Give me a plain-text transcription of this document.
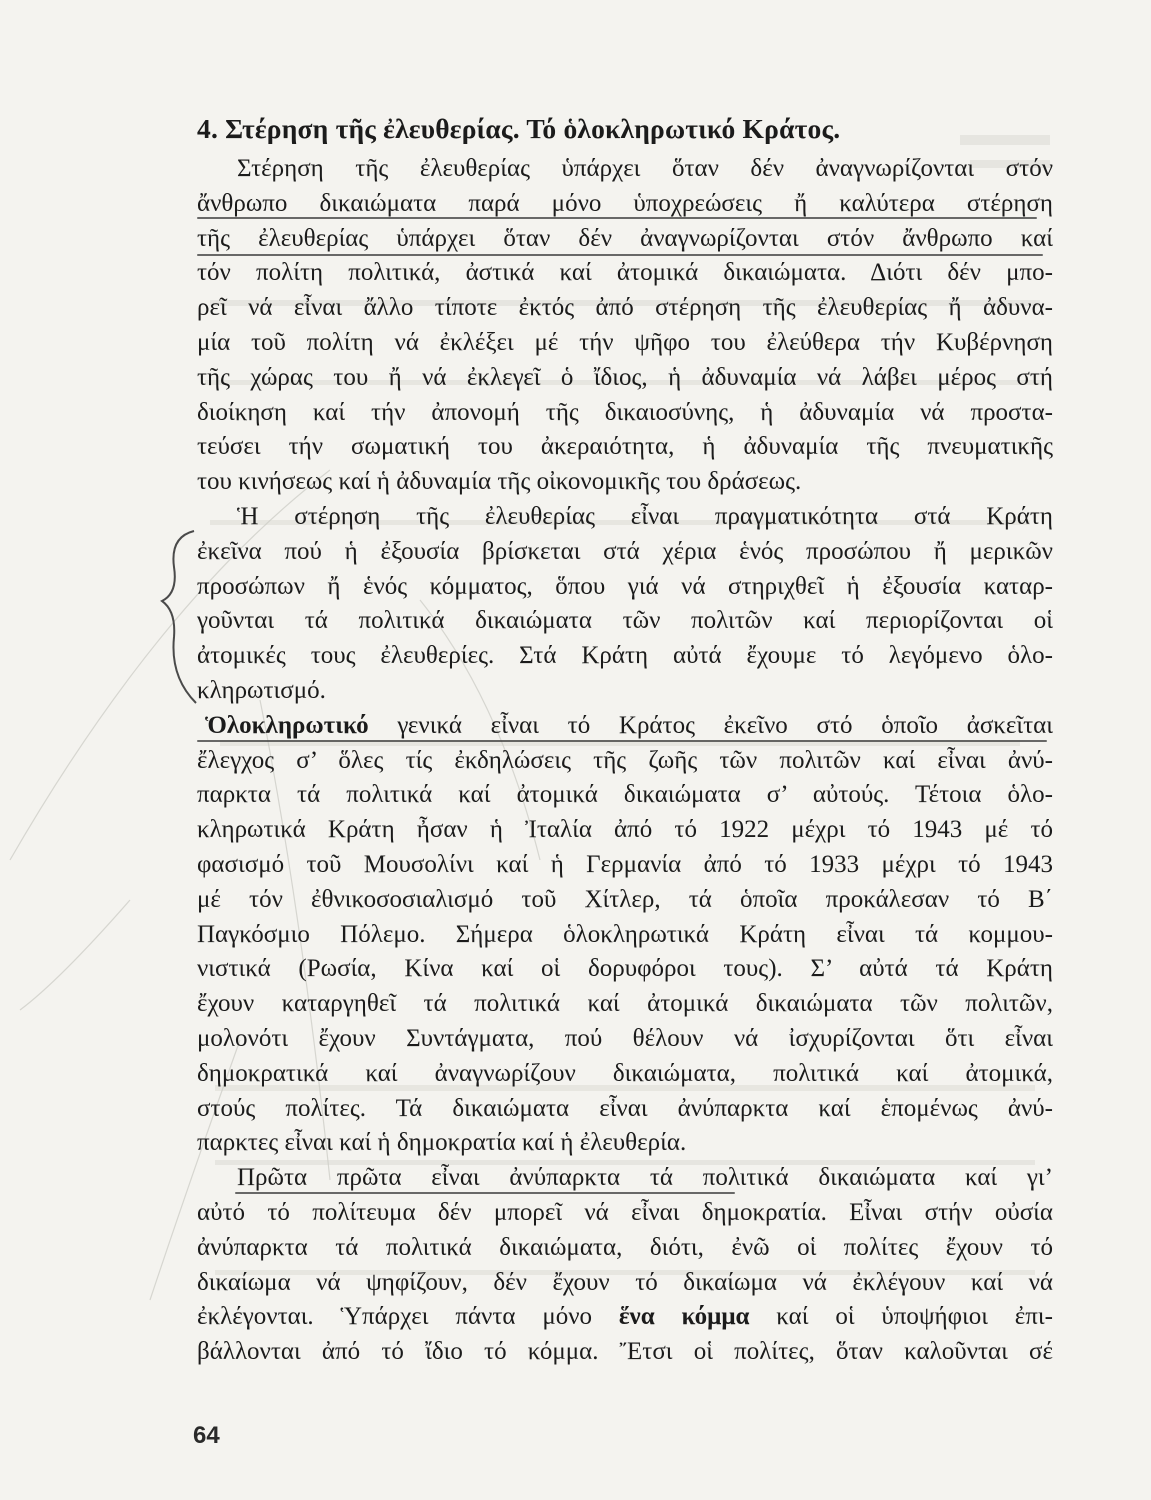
4. Στέρηση τῆς ἐλευθερίας. Τό ὁλοκληρωτικό Κράτος.
Στέρηση τῆς ἐλευθερίας ὑπάρχει ὅταν δέν ἀναγνωρίζονται στόν
ἄνθρωπο δικαιώματα παρά μόνο ὑποχρεώσεις ἤ καλύτερα στέρηση
τῆς ἐλευθερίας ὑπάρχει ὅταν δέν ἀναγνωρίζονται στόν ἄνθρωπο καί
τόν πολίτη πολιτικά, ἀστικά καί ἀτομικά δικαιώματα. Διότι δέν μπο-
ρεῖ νά εἶναι ἄλλο τίποτε ἐκτός ἀπό στέρηση τῆς ἐλευθερίας ἤ ἀδυνα-
μία τοῦ πολίτη νά ἐκλέξει μέ τήν ψῆφο του ἐλεύθερα τήν Κυβέρνηση
τῆς χώρας του ἤ νά ἐκλεγεῖ ὁ ἴδιος, ἡ ἀδυναμία νά λάβει μέρος στή
διοίκηση καί τήν ἀπονομή τῆς δικαιοσύνης, ἡ ἀδυναμία νά προστα-
τεύσει τήν σωματική του ἀκεραιότητα, ἡ ἀδυναμία τῆς πνευματικῆς
του κινήσεως καί ἡ ἀδυναμία τῆς οἰκονομικῆς του δράσεως.
Ἡ στέρηση τῆς ἐλευθερίας εἶναι πραγματικότητα στά Κράτη
ἐκεῖνα πού ἡ ἐξουσία βρίσκεται στά χέρια ἑνός προσώπου ἤ μερικῶν
προσώπων ἤ ἑνός κόμματος, ὅπου γιά νά στηριχθεῖ ἡ ἐξουσία καταρ-
γοῦνται τά πολιτικά δικαιώματα τῶν πολιτῶν καί περιορίζονται οἱ
ἀτομικές τους ἐλευθερίες. Στά Κράτη αὐτά ἔχουμε τό λεγόμενο ὁλο-
κληρωτισμό.
Ὁλοκληρωτικό γενικά εἶναι τό Κράτος ἐκεῖνο στό ὁποῖο ἀσκεῖται
ἔλεγχος σ’ ὅλες τίς ἐκδηλώσεις τῆς ζωῆς τῶν πολιτῶν καί εἶναι ἀνύ-
παρκτα τά πολιτικά καί ἀτομικά δικαιώματα σ’ αὐτούς. Τέτοια ὁλο-
κληρωτικά Κράτη ἦσαν ἡ Ἰταλία ἀπό τό 1922 μέχρι τό 1943 μέ τό
φασισμό τοῦ Μουσολίνι καί ἡ Γερμανία ἀπό τό 1933 μέχρι τό 1943
μέ τόν ἐθνικοσοσιαλισμό τοῦ Χίτλερ, τά ὁποῖα προκάλεσαν τό Β΄
Παγκόσμιο Πόλεμο. Σήμερα ὁλοκληρωτικά Κράτη εἶναι τά κομμου-
νιστικά (Ρωσία, Κίνα καί οἱ δορυφόροι τους). Σ’ αὐτά τά Κράτη
ἔχουν καταργηθεῖ τά πολιτικά καί ἀτομικά δικαιώματα τῶν πολιτῶν,
μολονότι ἔχουν Συντάγματα, πού θέλουν νά ἰσχυρίζονται ὅτι εἶναι
δημοκρατικά καί ἀναγνωρίζουν δικαιώματα, πολιτικά καί ἀτομικά,
στούς πολίτες. Τά δικαιώματα εἶναι ἀνύπαρκτα καί ἑπομένως ἀνύ-
παρκτες εἶναι καί ἡ δημοκρατία καί ἡ ἐλευθερία.
Πρῶτα πρῶτα εἶναι ἀνύπαρκτα τά πολιτικά δικαιώματα καί γι’
αὐτό τό πολίτευμα δέν μπορεῖ νά εἶναι δημοκρατία. Εἶναι στήν οὐσία
ἀνύπαρκτα τά πολιτικά δικαιώματα, διότι, ἐνῶ οἱ πολίτες ἔχουν τό
δικαίωμα νά ψηφίζουν, δέν ἔχουν τό δικαίωμα νά ἐκλέγουν καί νά
ἐκλέγονται. Ὑπάρχει πάντα μόνο ἕνα κόμμα καί οἱ ὑποψήφιοι ἐπι-
βάλλονται ἀπό τό ἴδιο τό κόμμα. Ἔτσι οἱ πολίτες, ὅταν καλοῦνται σέ
64
